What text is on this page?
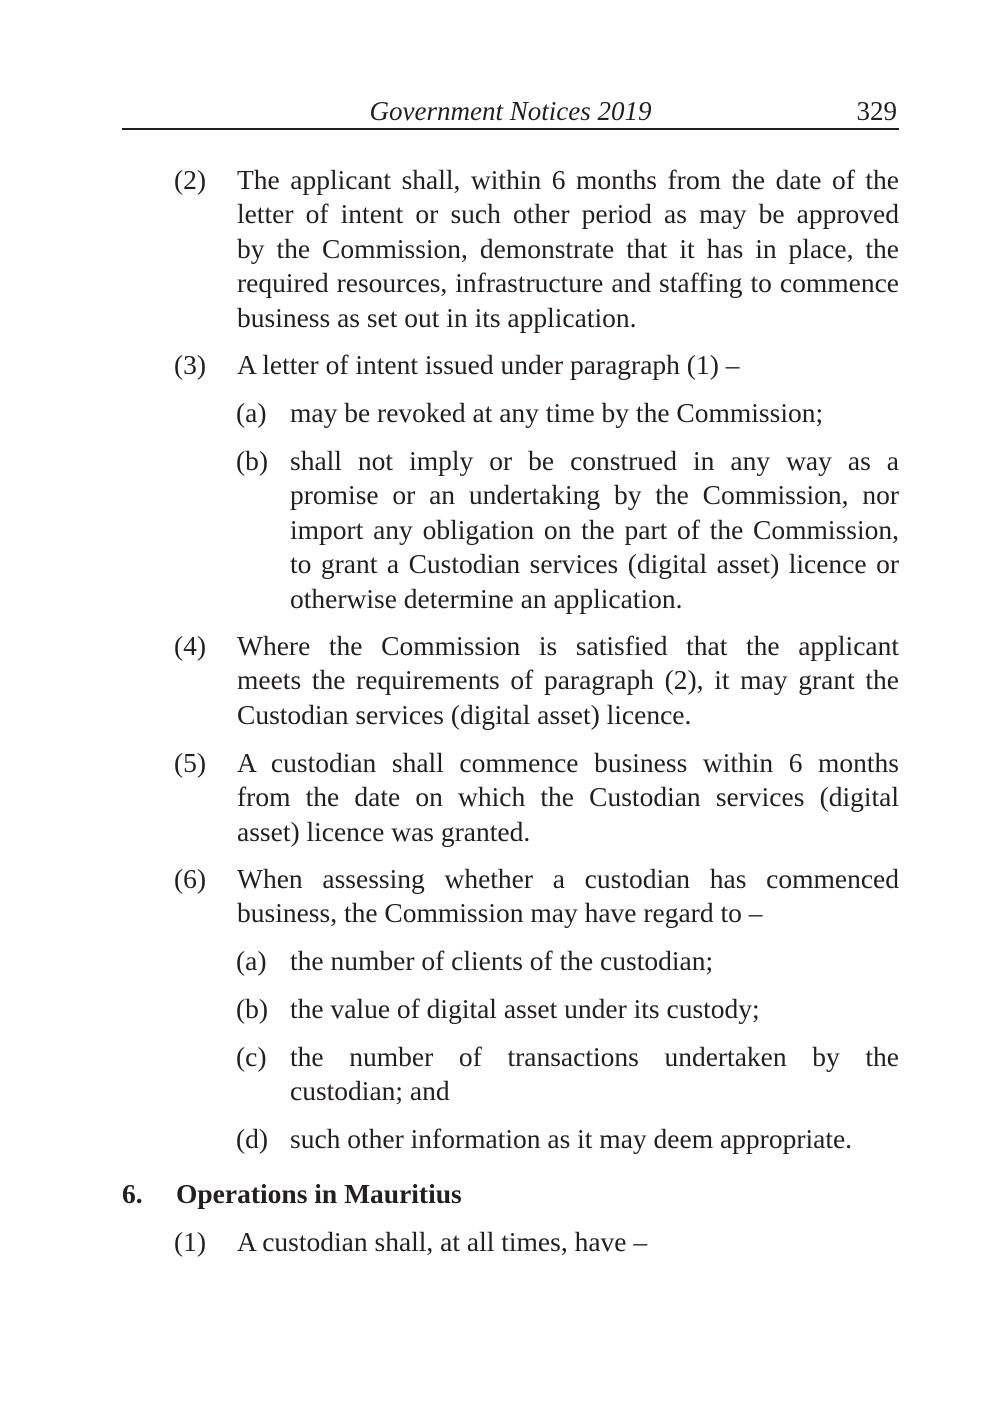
Government Notices 2019	329
(2) The applicant shall, within 6 months from the date of the
letter of intent or such other period as may be approved
by the Commission, demonstrate that it has in place, the
required resources, infrastructure and staffing to commence
business as set out in its application.
(3) A letter of intent issued under paragraph (1) –
(a) may be revoked at any time by the Commission;
(b) shall not imply or be construed in any way as a
promise or an undertaking by the Commission, nor
import any obligation on the part of the Commission,
to grant a Custodian services (digital asset) licence or
otherwise determine an application.
(4) Where the Commission is satisfied that the applicant
meets the requirements of paragraph (2), it may grant the
Custodian services (digital asset) licence.
(5) A custodian shall commence business within 6 months
from the date on which the Custodian services (digital
asset) licence was granted.
(6) When assessing whether a custodian has commenced
business, the Commission may have regard to –
(a) the number of clients of the custodian;
(b) the value of digital asset under its custody;
(c) the number of transactions undertaken by the
custodian; and
(d) such other information as it may deem appropriate.
6. Operations in Mauritius
(1) A custodian shall, at all times, have –
